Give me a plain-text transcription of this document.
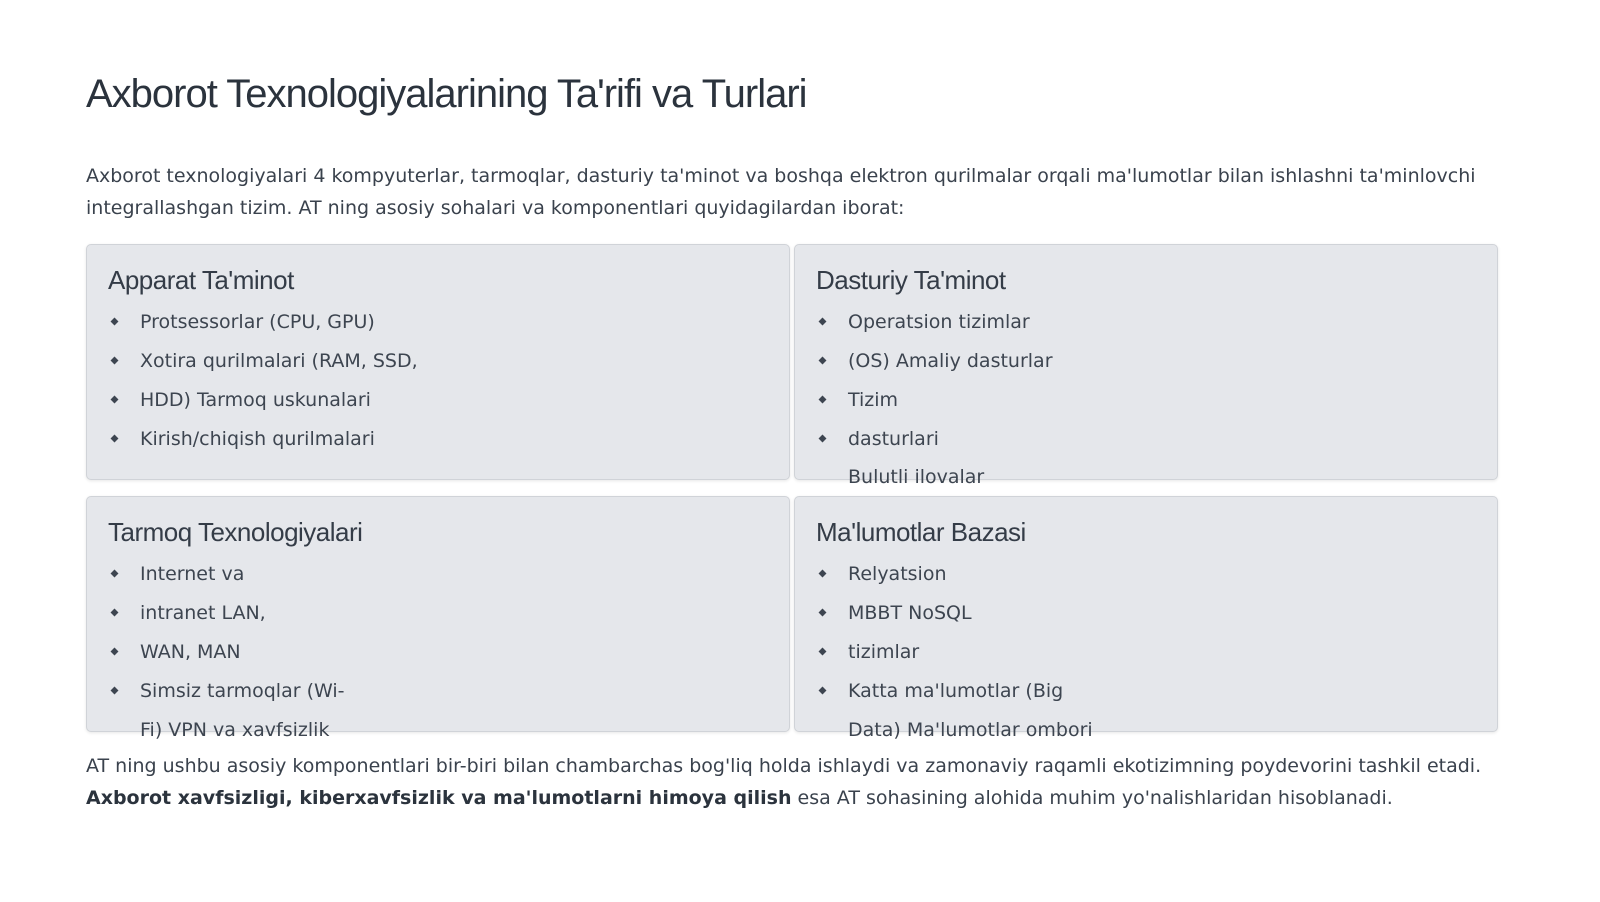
Axborot Texnologiyalarining Ta'rifi va Turlari

Axborot texnologiyalari 4 kompyuterlar, tarmoqlar, dasturiy ta'minot va boshqa elektron qurilmalar orqali ma'lumotlar bilan ishlashni ta'minlovchi integrallashgan tizim. AT ning asosiy sohalari va komponentlari quyidagilardan iborat:

Apparat Ta'minot
Protsessorlar (CPU, GPU)
Xotira qurilmalari (RAM, SSD,
HDD) Tarmoq uskunalari
Kirish/chiqish qurilmalari
Dasturiy Ta'minot
Operatsion tizimlar
(OS) Amaliy dasturlar
Tizim
dasturlari
Bulutli ilovalar
Tarmoq Texnologiyalari
Internet va
intranet LAN,
WAN, MAN
Simsiz tarmoqlar (Wi-
Fi) VPN va xavfsizlik
Ma'lumotlar Bazasi
Relyatsion
MBBT NoSQL
tizimlar
Katta ma'lumotlar (Big
Data) Ma'lumotlar ombori

AT ning ushbu asosiy komponentlari bir-biri bilan chambarchas bog'liq holda ishlaydi va zamonaviy raqamli ekotizimning poydevorini tashkil etadi.
Axborot xavfsizligi, kiberxavfsizlik va ma'lumotlarni himoya qilish esa AT sohasining alohida muhim yo'nalishlaridan hisoblanadi.
